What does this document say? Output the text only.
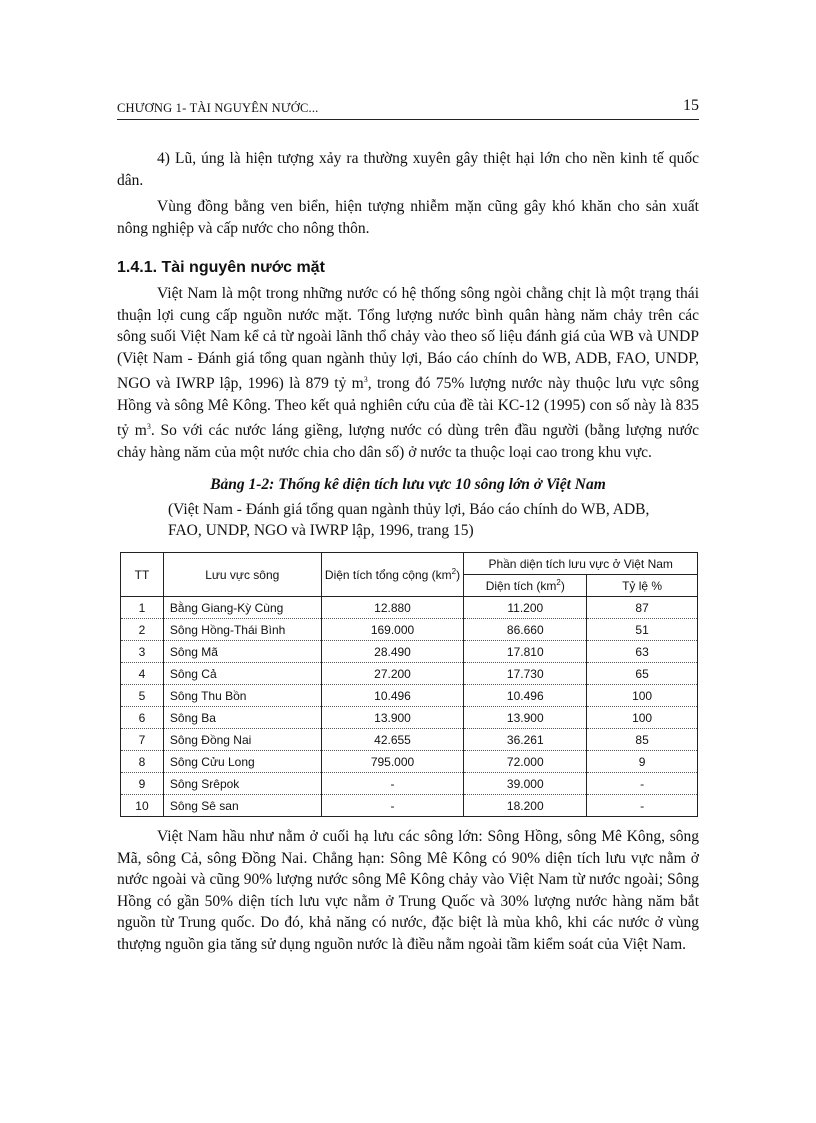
CHƯƠNG 1- TÀI NGUYÊN NƯỚC...	15

4) Lũ, úng là hiện tượng xảy ra thường xuyên gây thiệt hại lớn cho nền kinh tế quốc dân.

Vùng đồng bằng ven biển, hiện tượng nhiễm mặn cũng gây khó khăn cho sản xuất nông nghiệp và cấp nước cho nông thôn.

1.4.1. Tài nguyên nước mặt

Việt Nam là một trong những nước có hệ thống sông ngòi chằng chịt là một trạng thái thuận lợi cung cấp nguồn nước mặt. Tổng lượng nước bình quân hàng năm chảy trên các sông suối Việt Nam kể cả từ ngoài lãnh thổ chảy vào theo số liệu đánh giá của WB và UNDP (Việt Nam - Đánh giá tổng quan ngành thủy lợi, Báo cáo chính do WB, ADB, FAO, UNDP, NGO và IWRP lập, 1996) là 879 tỷ $m^3$, trong đó 75% lượng nước này thuộc lưu vực sông Hồng và sông Mê Kông. Theo kết quả nghiên cứu của đề tài KC-12 (1995) con số này là 835 tỷ $m^3$. So với các nước láng giềng, lượng nước có dùng trên đầu người (bằng lượng nước chảy hàng năm của một nước chia cho dân số) ở nước ta thuộc loại cao trong khu vực.

Bảng 1-2: Thống kê diện tích lưu vực 10 sông lớn ở Việt Nam
(Việt Nam - Đánh giá tổng quan ngành thủy lợi, Báo cáo chính do WB, ADB, FAO, UNDP, NGO và IWRP lập, 1996, trang 15)
TT	Lưu vực sông	Diện tích tổng cộng $(km^2)$	Phần diện tích lưu vực ở Việt Nam	
			Diện tích $(km^2)$	Tỷ lệ %
1	Bằng Giang-Kỳ Cùng	12.880	11.200	87
2	Sông Hồng-Thái Bình	169.000	86.660	51
3	Sông Mã	28.490	17.810	63
4	Sông Cả	27.200	17.730	65
5	Sông Thu Bồn	10.496	10.496	100
6	Sông Ba	13.900	13.900	100
7	Sông Đồng Nai	42.655	36.261	85
8	Sông Cửu Long	795.000	72.000	9
9	Sông Srêpok	-	39.000	-
10	Sông Sê san	-	18.200	-

Việt Nam hầu như nằm ở cuối hạ lưu các sông lớn: Sông Hồng, sông Mê Kông, sông Mã, sông Cả, sông Đồng Nai. Chẳng hạn: Sông Mê Kông có 90% diện tích lưu vực nằm ở nước ngoài và cũng 90% lượng nước sông Mê Kông chảy vào Việt Nam từ nước ngoài; Sông Hồng có gần 50% diện tích lưu vực nằm ở Trung Quốc và 30% lượng nước hàng năm bắt nguồn từ Trung quốc. Do đó, khả năng có nước, đặc biệt là mùa khô, khi các nước ở vùng thượng nguồn gia tăng sử dụng nguồn nước là điều nằm ngoài tầm kiểm soát của Việt Nam.
